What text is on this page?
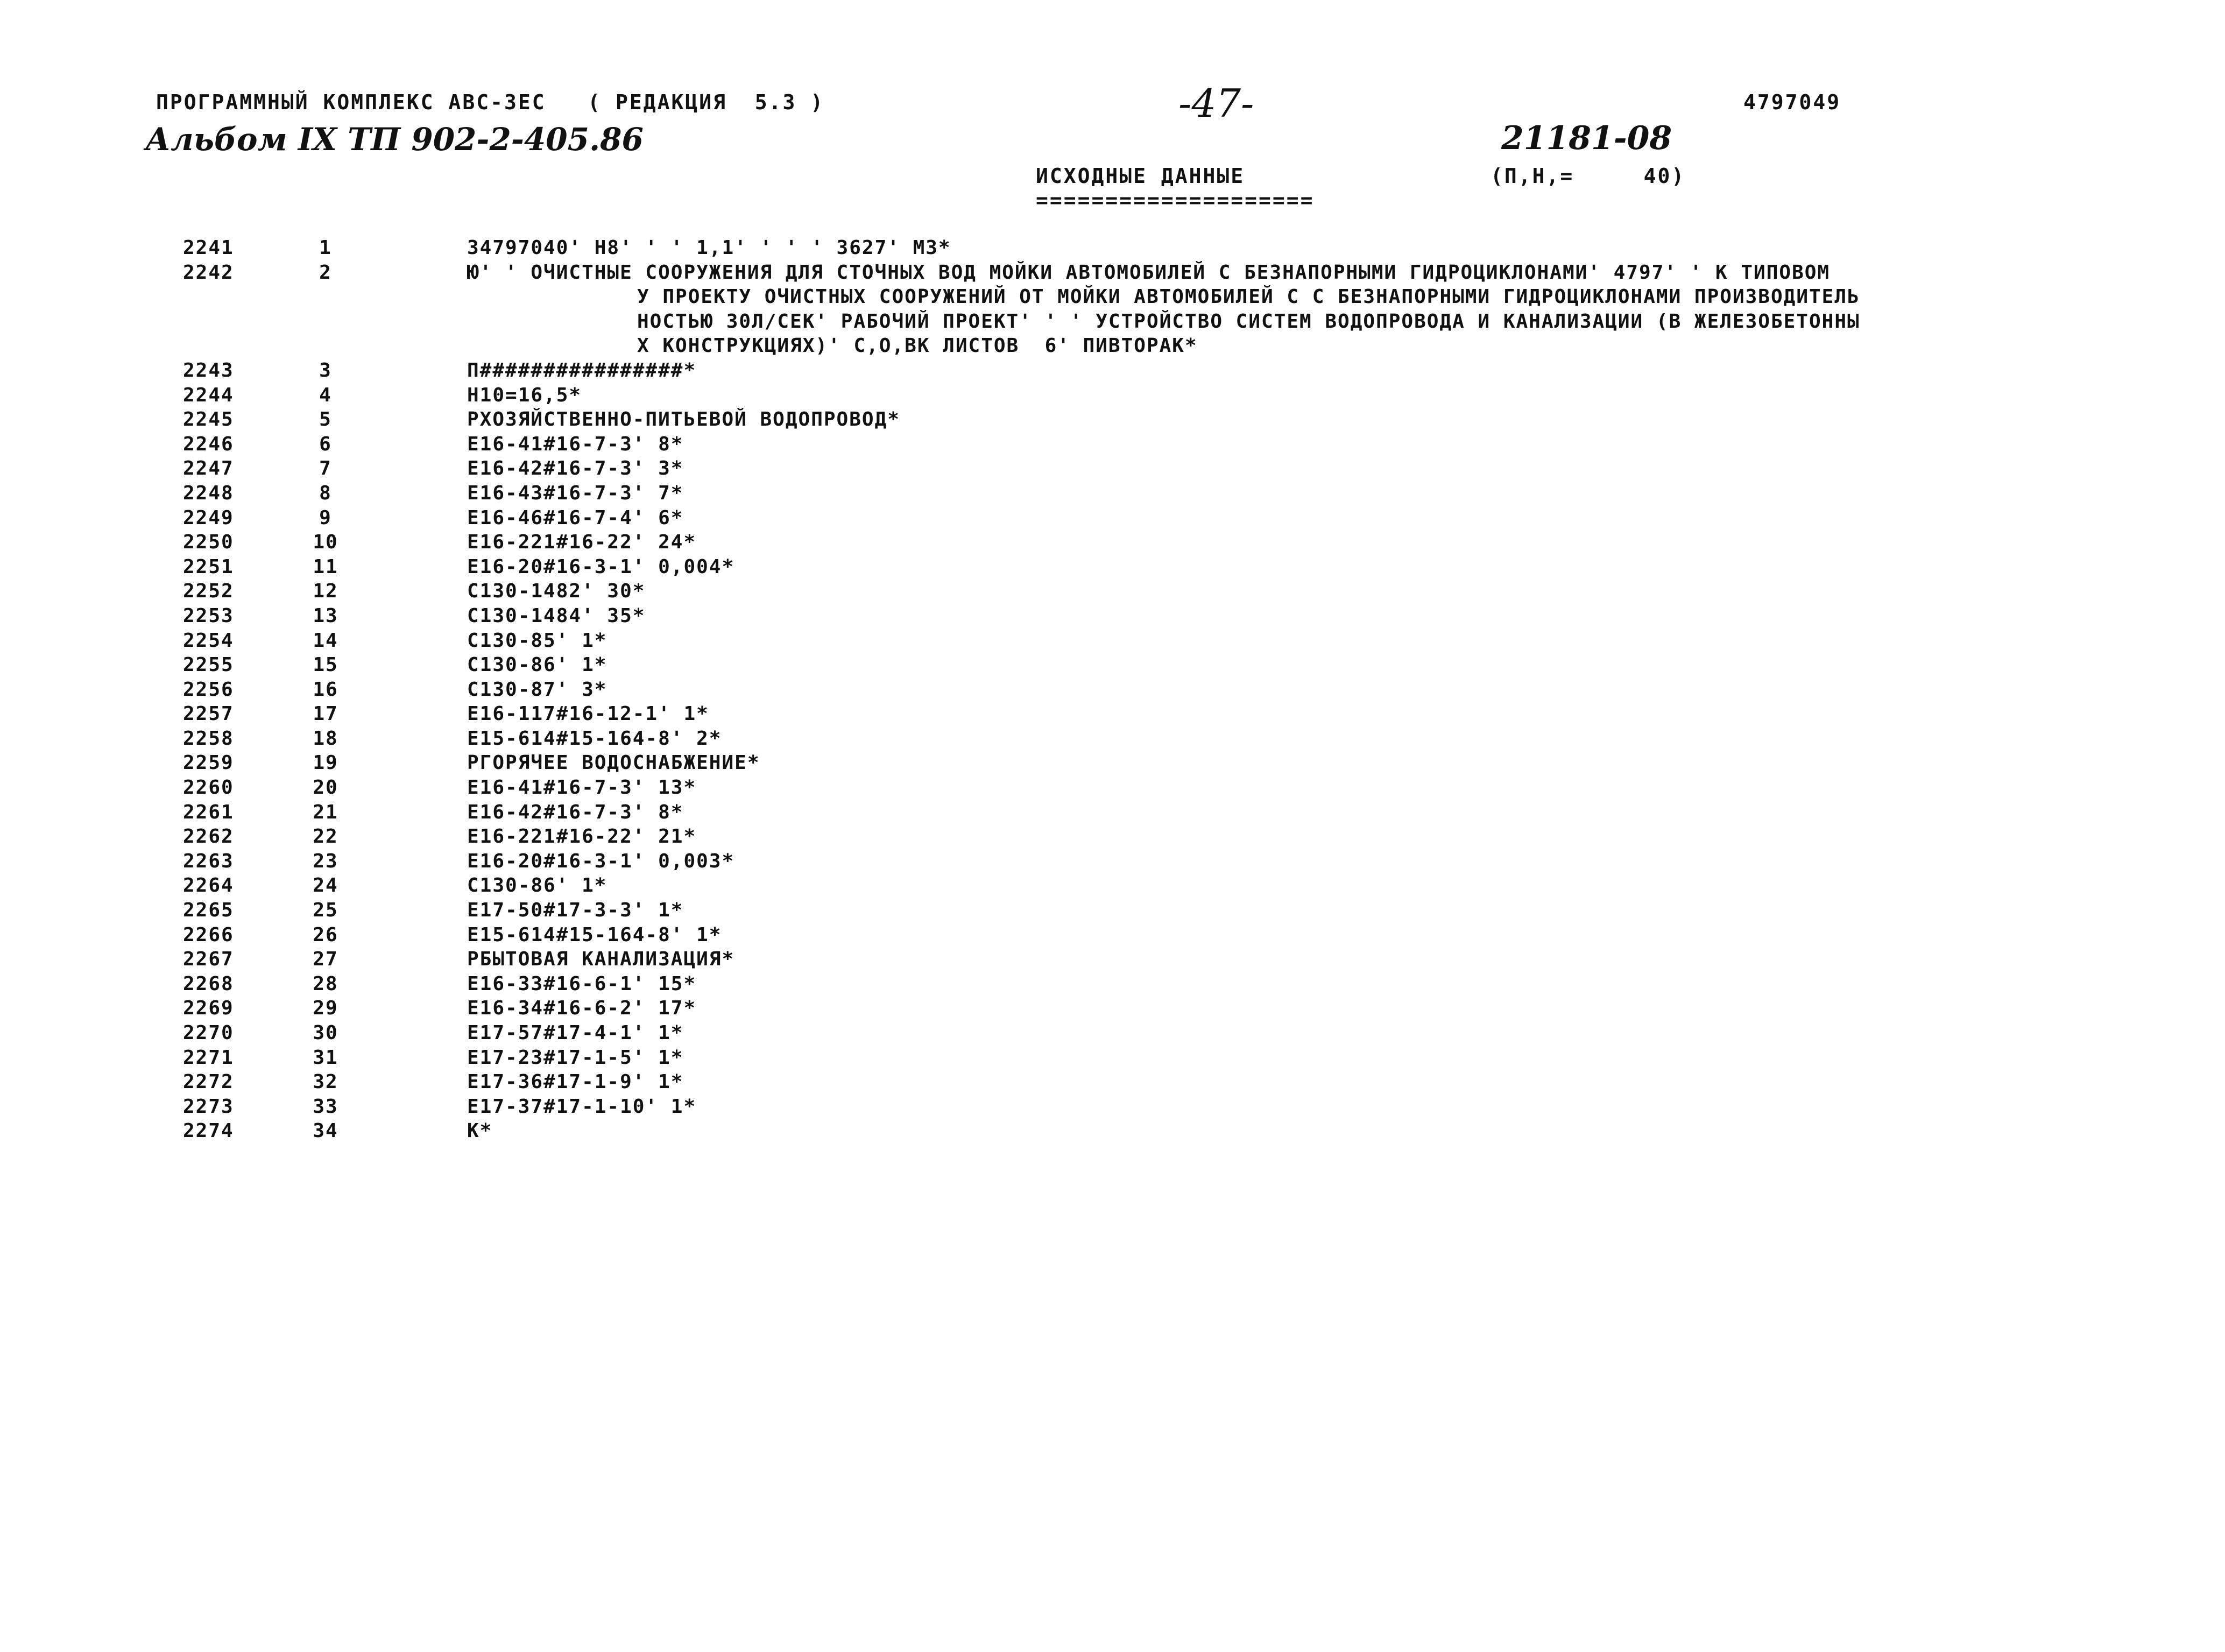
ПРОГРАММНЫЙ КОМПЛЕКС АВС-ЗЕС   ( РЕДАКЦИЯ  5.3 )	-47-	4797049
Альбом IX ТП 902-2-405.86	21181-08
ИСХОДНЫЕ ДАННЫЕ
====================
(П,Н,=     40)
2241	1	34797040' Н8' ' ' 1,1' ' ' ' 3627' М3*
2242	2	Ю' ' ОЧИСТНЫЕ СООРУЖЕНИЯ ДЛЯ СТОЧНЫХ ВОД МОЙКИ АВТОМОБИЛЕЙ С БЕЗНАПОРНЫМИ ГИДРОЦИКЛОНАМИ' 4797' ' К ТИПОВОМ
У ПРОЕКТУ ОЧИСТНЫХ СООРУЖЕНИЙ ОТ МОЙКИ АВТОМОБИЛЕЙ С С БЕЗНАПОРНЫМИ ГИДРОЦИКЛОНАМИ ПРОИЗВОДИТЕЛЬ
НОСТЬЮ 30Л/СЕК' РАБОЧИЙ ПРОЕКТ' ' ' УСТРОЙСТВО СИСТЕМ ВОДОПРОВОДА И КАНАЛИЗАЦИИ (В ЖЕЛЕЗОБЕТОННЫ
Х КОНСТРУКЦИЯХ)' С,О,ВК ЛИСТОВ  6' ПИВТОРАК*
2243	3	П################*
2244	4	Н10=16,5*
2245	5	РХОЗЯЙСТВЕННО-ПИТЬЕВОЙ ВОДОПРОВОД*
2246	6	Е16-41#16-7-3' 8*
2247	7	Е16-42#16-7-3' 3*
2248	8	Е16-43#16-7-3' 7*
2249	9	Е16-46#16-7-4' 6*
2250	10	Е16-221#16-22' 24*
2251	11	Е16-20#16-3-1' 0,004*
2252	12	С130-1482' 30*
2253	13	С130-1484' 35*
2254	14	С130-85' 1*
2255	15	С130-86' 1*
2256	16	С130-87' 3*
2257	17	Е16-117#16-12-1' 1*
2258	18	Е15-614#15-164-8' 2*
2259	19	РГОРЯЧЕЕ ВОДОСНАБЖЕНИЕ*
2260	20	Е16-41#16-7-3' 13*
2261	21	Е16-42#16-7-3' 8*
2262	22	Е16-221#16-22' 21*
2263	23	Е16-20#16-3-1' 0,003*
2264	24	С130-86' 1*
2265	25	Е17-50#17-3-3' 1*
2266	26	Е15-614#15-164-8' 1*
2267	27	РБЫТОВАЯ КАНАЛИЗАЦИЯ*
2268	28	Е16-33#16-6-1' 15*
2269	29	Е16-34#16-6-2' 17*
2270	30	Е17-57#17-4-1' 1*
2271	31	Е17-23#17-1-5' 1*
2272	32	Е17-36#17-1-9' 1*
2273	33	Е17-37#17-1-10' 1*
2274	34	К*
